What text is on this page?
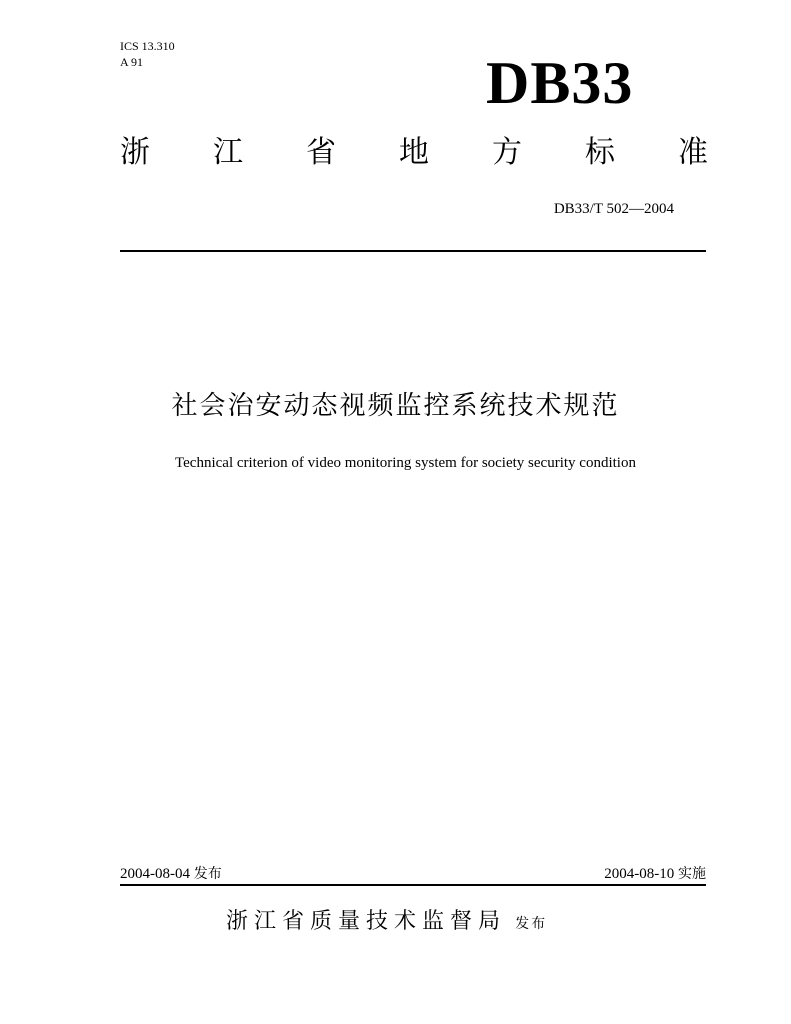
ICS 13.310
A 91	DB33
浙 江 省 地 方 标 准
DB33/T 502—2004
社会治安动态视频监控系统技术规范
Technical criterion of video monitoring system for society security condition
2004-08-04 发布	2004-08-10 实施
浙江省质量技术监督局 发布
